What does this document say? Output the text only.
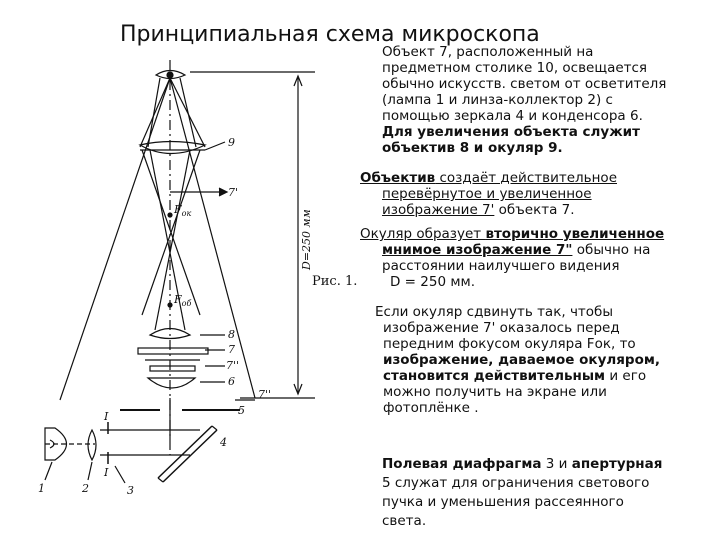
9
7'
8
7
7''
6
7''
5
4
1	2	3
I
I
$F_{ок}$
$F_{об}$
Рис. 1.
D=250 мм
Принципиальная схема микроскопа

Объект 7, расположенный на

предметном столике 10, освещается

обычно искусств. светом от осветителя

(лампа 1 и линза-коллектор 2) с

помощью зеркала 4 и конденсора 6.

Для увеличения объекта служит

объектив 8 и окуляр 9.

Объектив создаёт действительное

перевёрнутое и увеличенное

изображение 7' объекта 7.

Окуляр образует вторично увеличенное

мнимое изображение 7" обычно на

расстоянии наилучшего видения

D = 250 мм.

Если окуляр сдвинуть так, чтобы

изображение 7' оказалось перед

передним фокусом окуляра Fок, то

изображение, даваемое окуляром,

становится действительным и его

можно получить на экране или

фотоплёнке .

Полевая диафрагма 3 и апертурная

5 служат для ограничения светового

пучка и уменьшения рассеянного

света.
